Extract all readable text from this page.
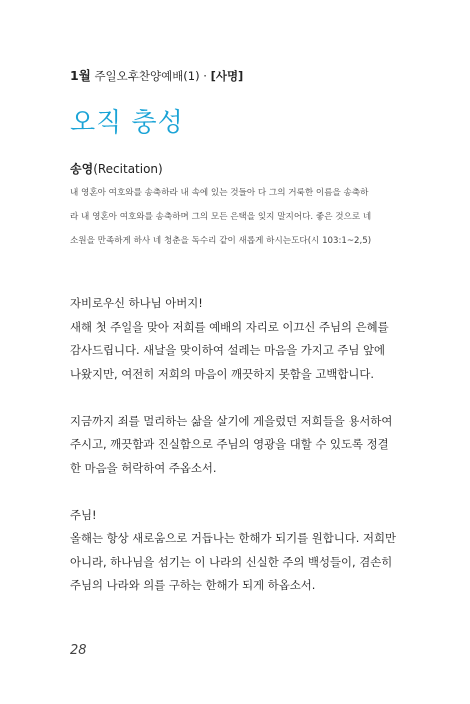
1월 주일오후찬양예배(1) · [사명]
오직 충성
송영(Recitation)
내 영혼아 여호와를 송축하라 내 속에 있는 것들아 다 그의 거룩한 이름을 송축하
라 내 영혼아 여호와를 송축하며 그의 모든 은택을 잊지 말지어다. 좋은 것으로 네
소원을 만족하게 하사 네 청춘을 독수리 같이 새롭게 하시는도다(시 103:1~2,5)
자비로우신 하나님 아버지!
새해 첫 주일을 맞아 저희를 예배의 자리로 이끄신 주님의 은혜를
감사드립니다. 새날을 맞이하여 설레는 마음을 가지고 주님 앞에
나왔지만, 여전히 저희의 마음이 깨끗하지 못함을 고백합니다.
지금까지 죄를 멀리하는 삶을 살기에 게을렀던 저희들을 용서하여
주시고, 깨끗함과 진실함으로 주님의 영광을 대할 수 있도록 정결
한 마음을 허락하여 주옵소서.
주님!
올해는 항상 새로움으로 거듭나는 한해가 되기를 원합니다. 저희만
아니라, 하나님을 섬기는 이 나라의 신실한 주의 백성들이, 겸손히
주님의 나라와 의를 구하는 한해가 되게 하옵소서.
28
